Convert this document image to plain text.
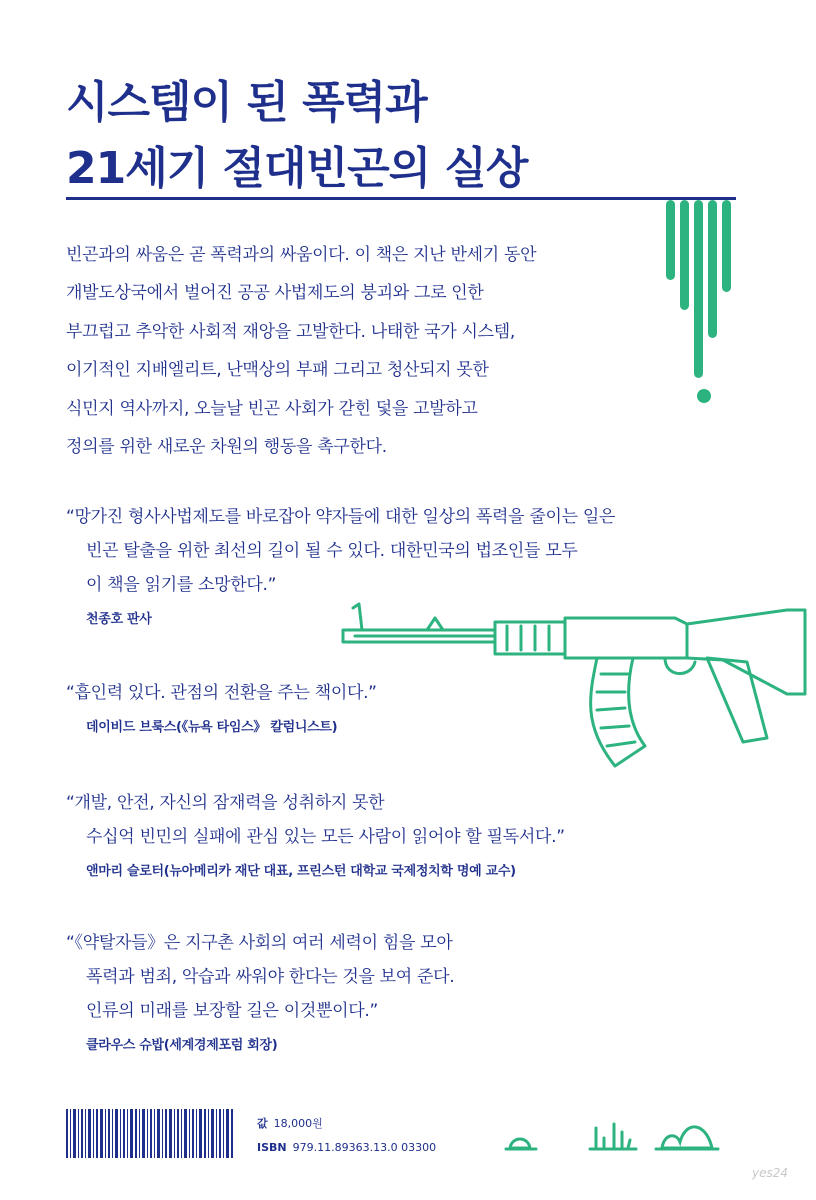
시스템이 된 폭력과
21세기 절대빈곤의 실상
빈곤과의 싸움은 곧 폭력과의 싸움이다. 이 책은 지난 반세기 동안
개발도상국에서 벌어진 공공 사법제도의 붕괴와 그로 인한
부끄럽고 추악한 사회적 재앙을 고발한다. 나태한 국가 시스템,
이기적인 지배엘리트, 난맥상의 부패 그리고 청산되지 못한
식민지 역사까지, 오늘날 빈곤 사회가 갇힌 덫을 고발하고
정의를 위한 새로운 차원의 행동을 촉구한다.
“망가진 형사사법제도를 바로잡아 약자들에 대한 일상의 폭력을 줄이는 일은
빈곤 탈출을 위한 최선의 길이 될 수 있다. 대한민국의 법조인들 모두
이 책을 읽기를 소망한다.”
천종호 판사
“흡인력 있다. 관점의 전환을 주는 책이다.”
데이비드 브룩스(《뉴욕 타임스》 칼럼니스트)
“개발, 안전, 자신의 잠재력을 성취하지 못한
수십억 빈민의 실패에 관심 있는 모든 사람이 읽어야 할 필독서다.”
앤마리 슬로터(뉴아메리카 재단 대표, 프린스턴 대학교 국제정치학 명예 교수)
“《약탈자들》은 지구촌 사회의 여러 세력이 힘을 모아
폭력과 범죄, 악습과 싸워야 한다는 것을 보여 준다.
인류의 미래를 보장할 길은 이것뿐이다.”
클라우스 슈밥(세계경제포럼 회장)
값 18,000원
ISBN 979.11.89363.13.0 03300
yes24
